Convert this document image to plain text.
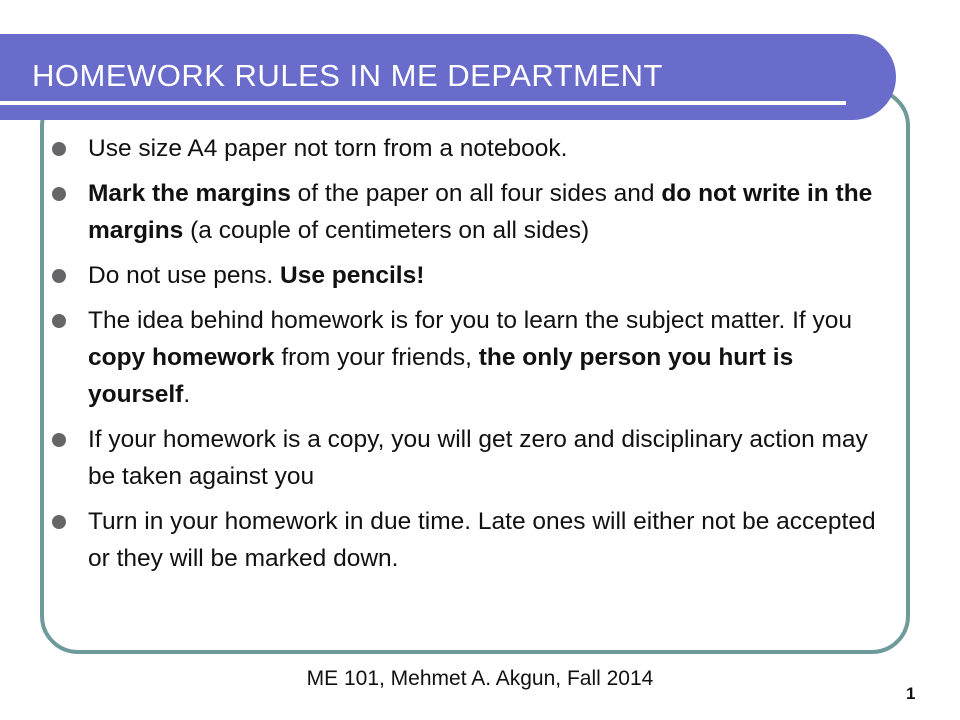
HOMEWORK RULES IN ME DEPARTMENT
Use size A4 paper not torn from a notebook.
Mark the margins of the paper on all four sides and do not write in the margins (a couple of centimeters on all sides)
Do not use pens. Use pencils!
The idea behind homework is for you to learn the subject matter. If you copy homework from your friends, the only person you hurt is yourself.
If your homework is a copy, you will get zero and disciplinary action may be taken against you
Turn in your homework in due time. Late ones will either not be accepted or they will be marked down.
ME 101, Mehmet A. Akgun, Fall 2014
1
